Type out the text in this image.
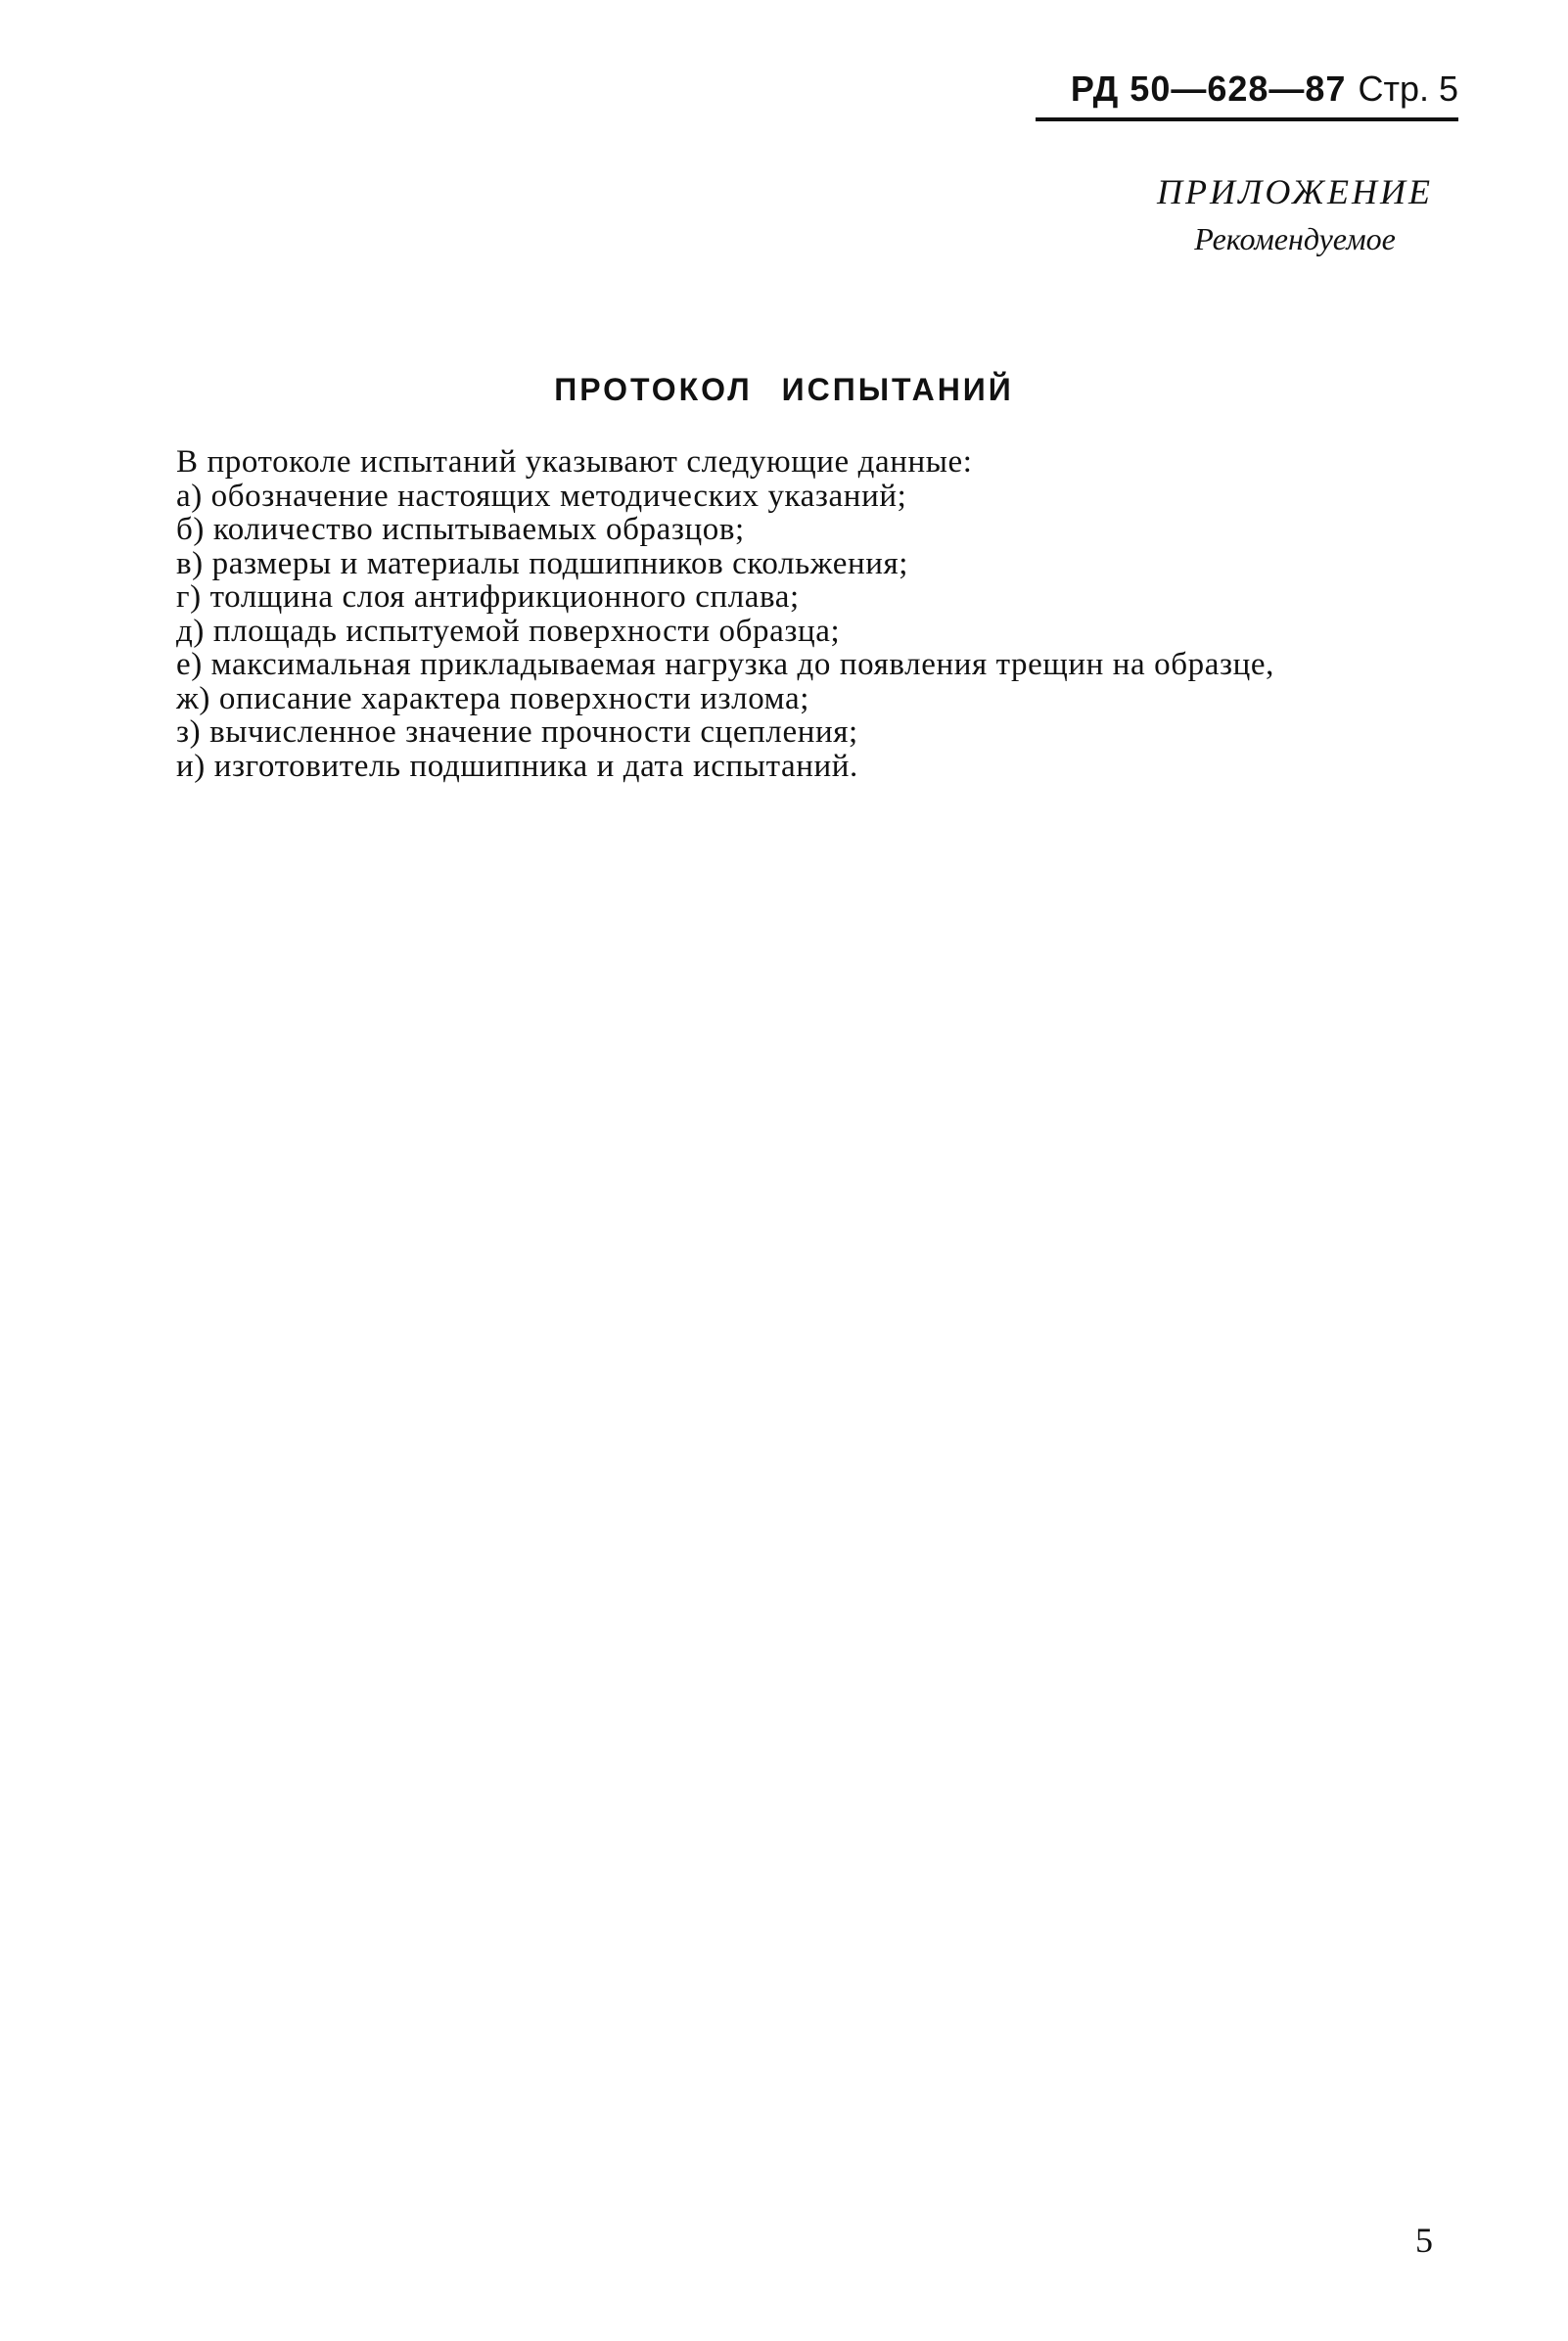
РД 50—628—87 Стр. 5
ПРИЛОЖЕНИЕ
Рекомендуемое
ПРОТОКОЛ ИСПЫТАНИЙ

В протоколе испытаний указывают следующие данные:

а) обозначение настоящих методических указаний;

б) количество испытываемых образцов;

в) размеры и материалы подшипников скольжения;

г) толщина слоя антифрикционного сплава;

д) площадь испытуемой поверхности образца;

е) максимальная прикладываемая нагрузка до появления трещин на образце,

ж) описание характера поверхности излома;

з) вычисленное значение прочности сцепления;

и) изготовитель подшипника и дата испытаний.

5
